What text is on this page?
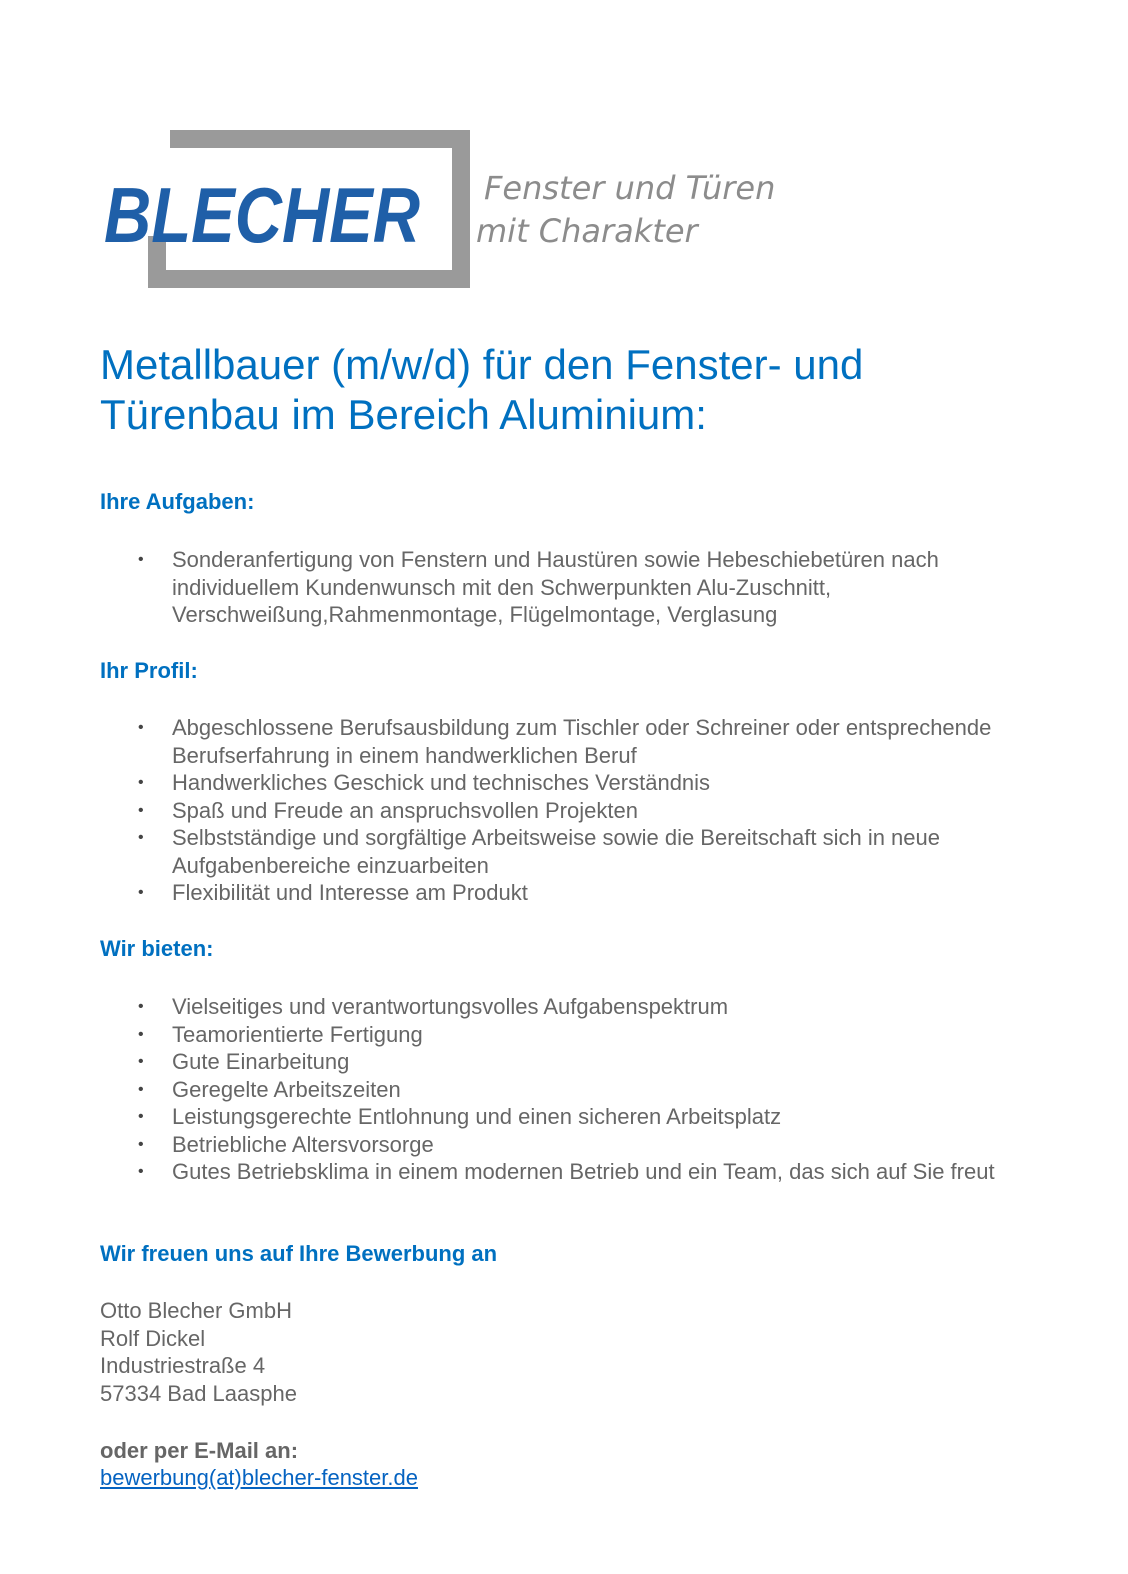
BLECHER Fenster und Türen
mit Charakter
Metallbauer (m/w/d) für den Fenster- und
Türenbau im Bereich Aluminium:
Ihre Aufgaben:
• Sonderanfertigung von Fenstern und Haustüren sowie Hebeschiebetüren nach individuellem Kundenwunsch mit den Schwerpunkten Alu-Zuschnitt, Verschweißung,Rahmenmontage, Flügelmontage, Verglasung
Ihr Profil:
• Abgeschlossene Berufsausbildung zum Tischler oder Schreiner oder entsprechende Berufserfahrung in einem handwerklichen Beruf
• Handwerkliches Geschick und technisches Verständnis
• Spaß und Freude an anspruchsvollen Projekten
• Selbstständige und sorgfältige Arbeitsweise sowie die Bereitschaft sich in neue Aufgabenbereiche einzuarbeiten
• Flexibilität und Interesse am Produkt
Wir bieten:
• Vielseitiges und verantwortungsvolles Aufgabenspektrum
• Teamorientierte Fertigung
• Gute Einarbeitung
• Geregelte Arbeitszeiten
• Leistungsgerechte Entlohnung und einen sicheren Arbeitsplatz
• Betriebliche Altersvorsorge
• Gutes Betriebsklima in einem modernen Betrieb und ein Team, das sich auf Sie freut
Wir freuen uns auf Ihre Bewerbung an
Otto Blecher GmbH
Rolf Dickel
Industriestraße 4
57334 Bad Laasphe
oder per E-Mail an:
bewerbung(at)blecher-fenster.de
